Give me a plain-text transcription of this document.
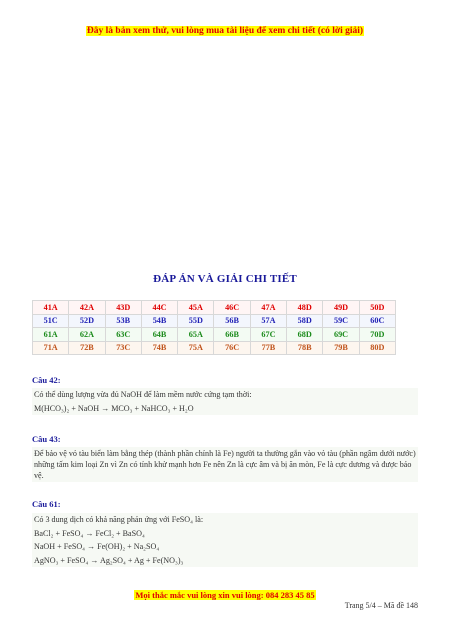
Đây là bản xem thử, vui lòng mua tài liệu để xem chi tiết (có lời giải)
ĐÁP ÁN VÀ GIẢI CHI TIẾT
41A	42A	43D	44C	45A	46C	47A	48D	49D	50D
51C	52D	53B	54B	55D	56B	57A	58D	59C	60C
61A	62A	63C	64B	65A	66B	67C	68D	69C	70D
71A	72B	73C	74B	75A	76C	77B	78B	79B	80D
Câu 42:
Có thể dùng lượng vừa đủ NaOH để làm mềm nước cứng tạm thời:
M(HCO₃)₂ + NaOH → MCO₃ + NaHCO₃ + H₂O
Câu 43:
Để bảo vệ vỏ tàu biển làm bằng thép (thành phần chính là Fe) người ta thường gắn vào vỏ tàu (phần ngâm dưới nước) những tấm kim loại Zn vì Zn có tính khử mạnh hơn Fe nên Zn là cực âm và bị ăn mòn, Fe là cực dương và được bảo vệ.
Câu 61:
Có 3 dung dịch có khả năng phản ứng với FeSO₄ là:
BaCl₂ + FeSO₄ → FeCl₂ + BaSO₄
NaOH + FeSO₄ → Fe(OH)₂ + Na₂SO₄
AgNO₃ + FeSO₄ → Ag₂SO₄ + Ag + Fe(NO₃)₃
Mọi thắc mắc vui lòng xin vui lòng: 084 283 45 85
Trang 5/4 – Mã đề 148
